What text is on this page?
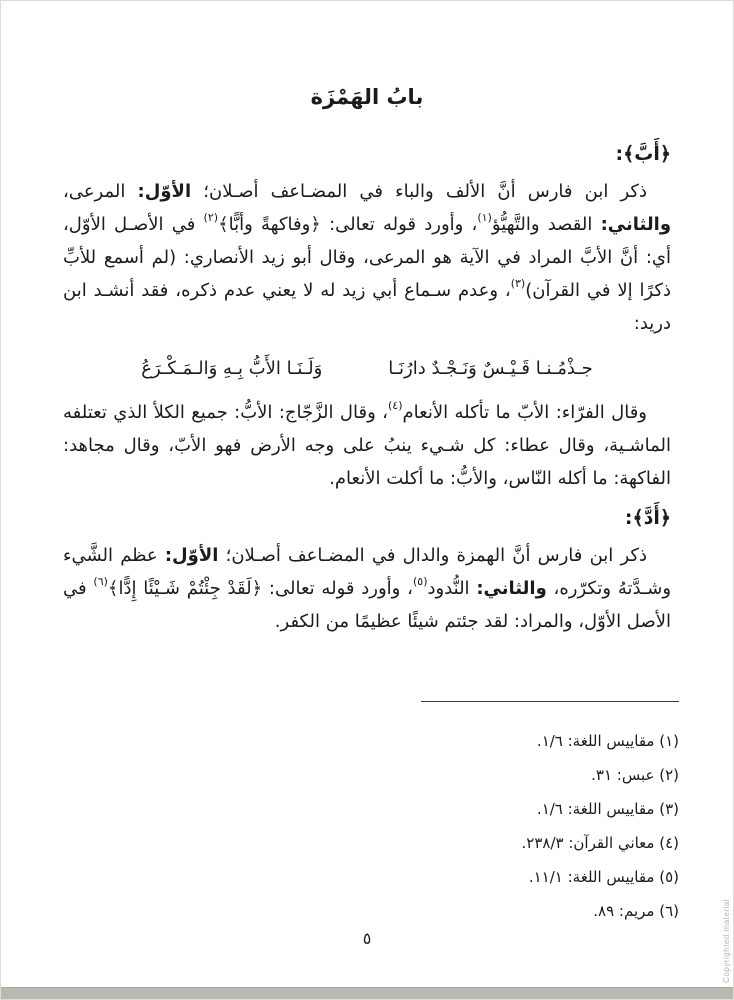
بابُ الهَمْزَة
﴿أَبَّ﴾:

ذكر ابن فارس أنَّ الألف والباء في المضـاعف أصـلان؛ الأوّل: المرعى، والثاني: القصد والتَّهيُّؤ$^{(١)}$، وأورد قوله تعالى: ﴿وفاكهةً وأبًّا﴾$^{(٢)}$ في الأصـل الأوّل، أي: أنَّ الأبَّ المراد في الآية هو المرعى، وقال أبو زيد الأنصاري: (لم أسمع للأبِّ ذكرًا إلا في القرآن)$^{(٣)}$، وعدم سـماع أبي زيد له لا يعني عدم ذكره، فقد أنشـد ابن دريد:

جـذْمُـنـا قَـيْـسٌ وَنَـجْـدٌ دارُنَـا
وَلَـنَـا الأَبُّ بِـهِ وَالـمَـكْـرَعُ

وقال الفرّاء: الأبّ ما تأكله الأنعام$^{(٤)}$، وقال الزَّجّاج: الأبُّ: جميع الكلأ الذي تعتلفه الماشـية، وقال عطاء: كل شـيء ينبُ على وجه الأرض فهو الأبّ، وقال مجاهد: الفاكهة: ما أكله النّاس، والأبُّ: ما أكلت الأنعام.

﴿أَدَّ﴾:

ذكر ابن فارس أنَّ الهمزة والدال في المضـاعف أصـلان؛ الأوّل: عظم الشَّيء وشـدَّتهُ وتكرّره، والثاني: النُّدود$^{(٥)}$، وأورد قوله تعالى: ﴿لَقَدْ جِئْتُمْ شَـيْئًا إِدًّا﴾$^{(٦)}$ في الأصل الأوّل، والمراد: لقد جئتم شيئًا عظيمًا من الكفر.

(١) مقاييس اللغة: ١/٦.
(٢) عبس: ٣١.
(٣) مقاييس اللغة: ١/٦.
(٤) معاني القرآن: ٢٣٨/٣.
(٥) مقاييس اللغة: ١١/١.
(٦) مريم: ٨٩.
٥	Copyrighted material
